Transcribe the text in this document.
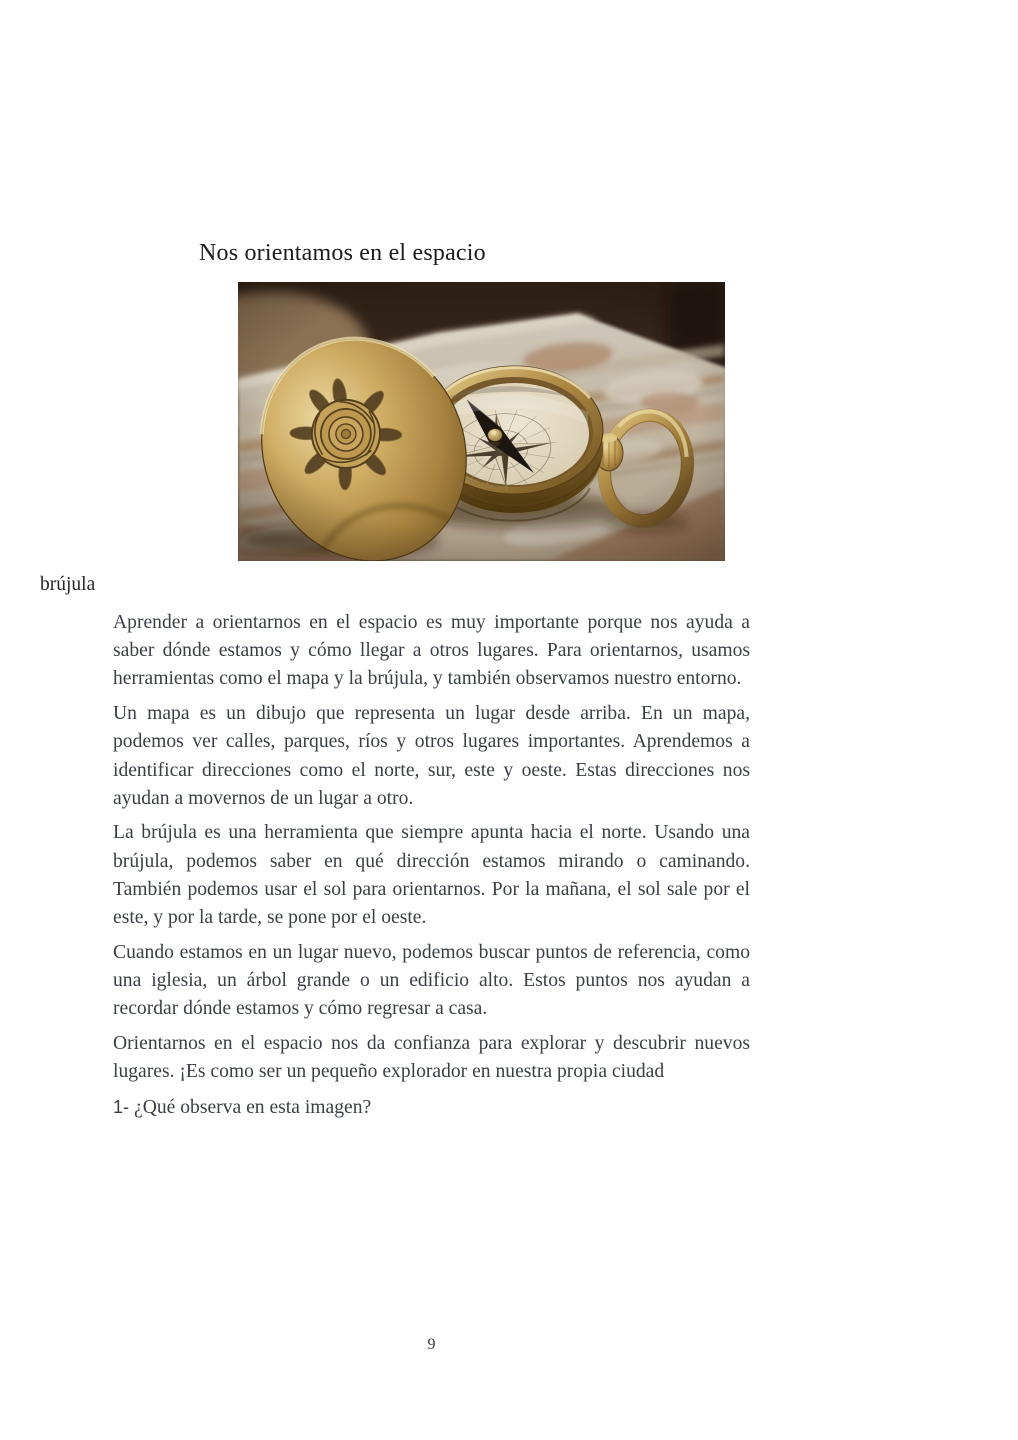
Nos orientamos en el espacio
brújula

Aprender a orientarnos en el espacio es muy importante porque nos ayuda a saber dónde estamos y cómo llegar a otros lugares. Para orientarnos, usamos herramientas como el mapa y la brújula, y también observamos nuestro entorno.

Un mapa es un dibujo que representa un lugar desde arriba. En un mapa, podemos ver calles, parques, ríos y otros lugares importantes. Aprendemos a identificar direcciones como el norte, sur, este y oeste. Estas direcciones nos ayudan a movernos de un lugar a otro.

La brújula es una herramienta que siempre apunta hacia el norte. Usando una brújula, podemos saber en qué dirección estamos mirando o caminando. También podemos usar el sol para orientarnos. Por la mañana, el sol sale por el este, y por la tarde, se pone por el oeste.

Cuando estamos en un lugar nuevo, podemos buscar puntos de referencia, como una iglesia, un árbol grande o un edificio alto. Estos puntos nos ayudan a recordar dónde estamos y cómo regresar a casa.

Orientarnos en el espacio nos da confianza para explorar y descubrir nuevos lugares. ¡Es como ser un pequeño explorador en nuestra propia ciudad

1- ¿Qué observa en esta imagen?

9
